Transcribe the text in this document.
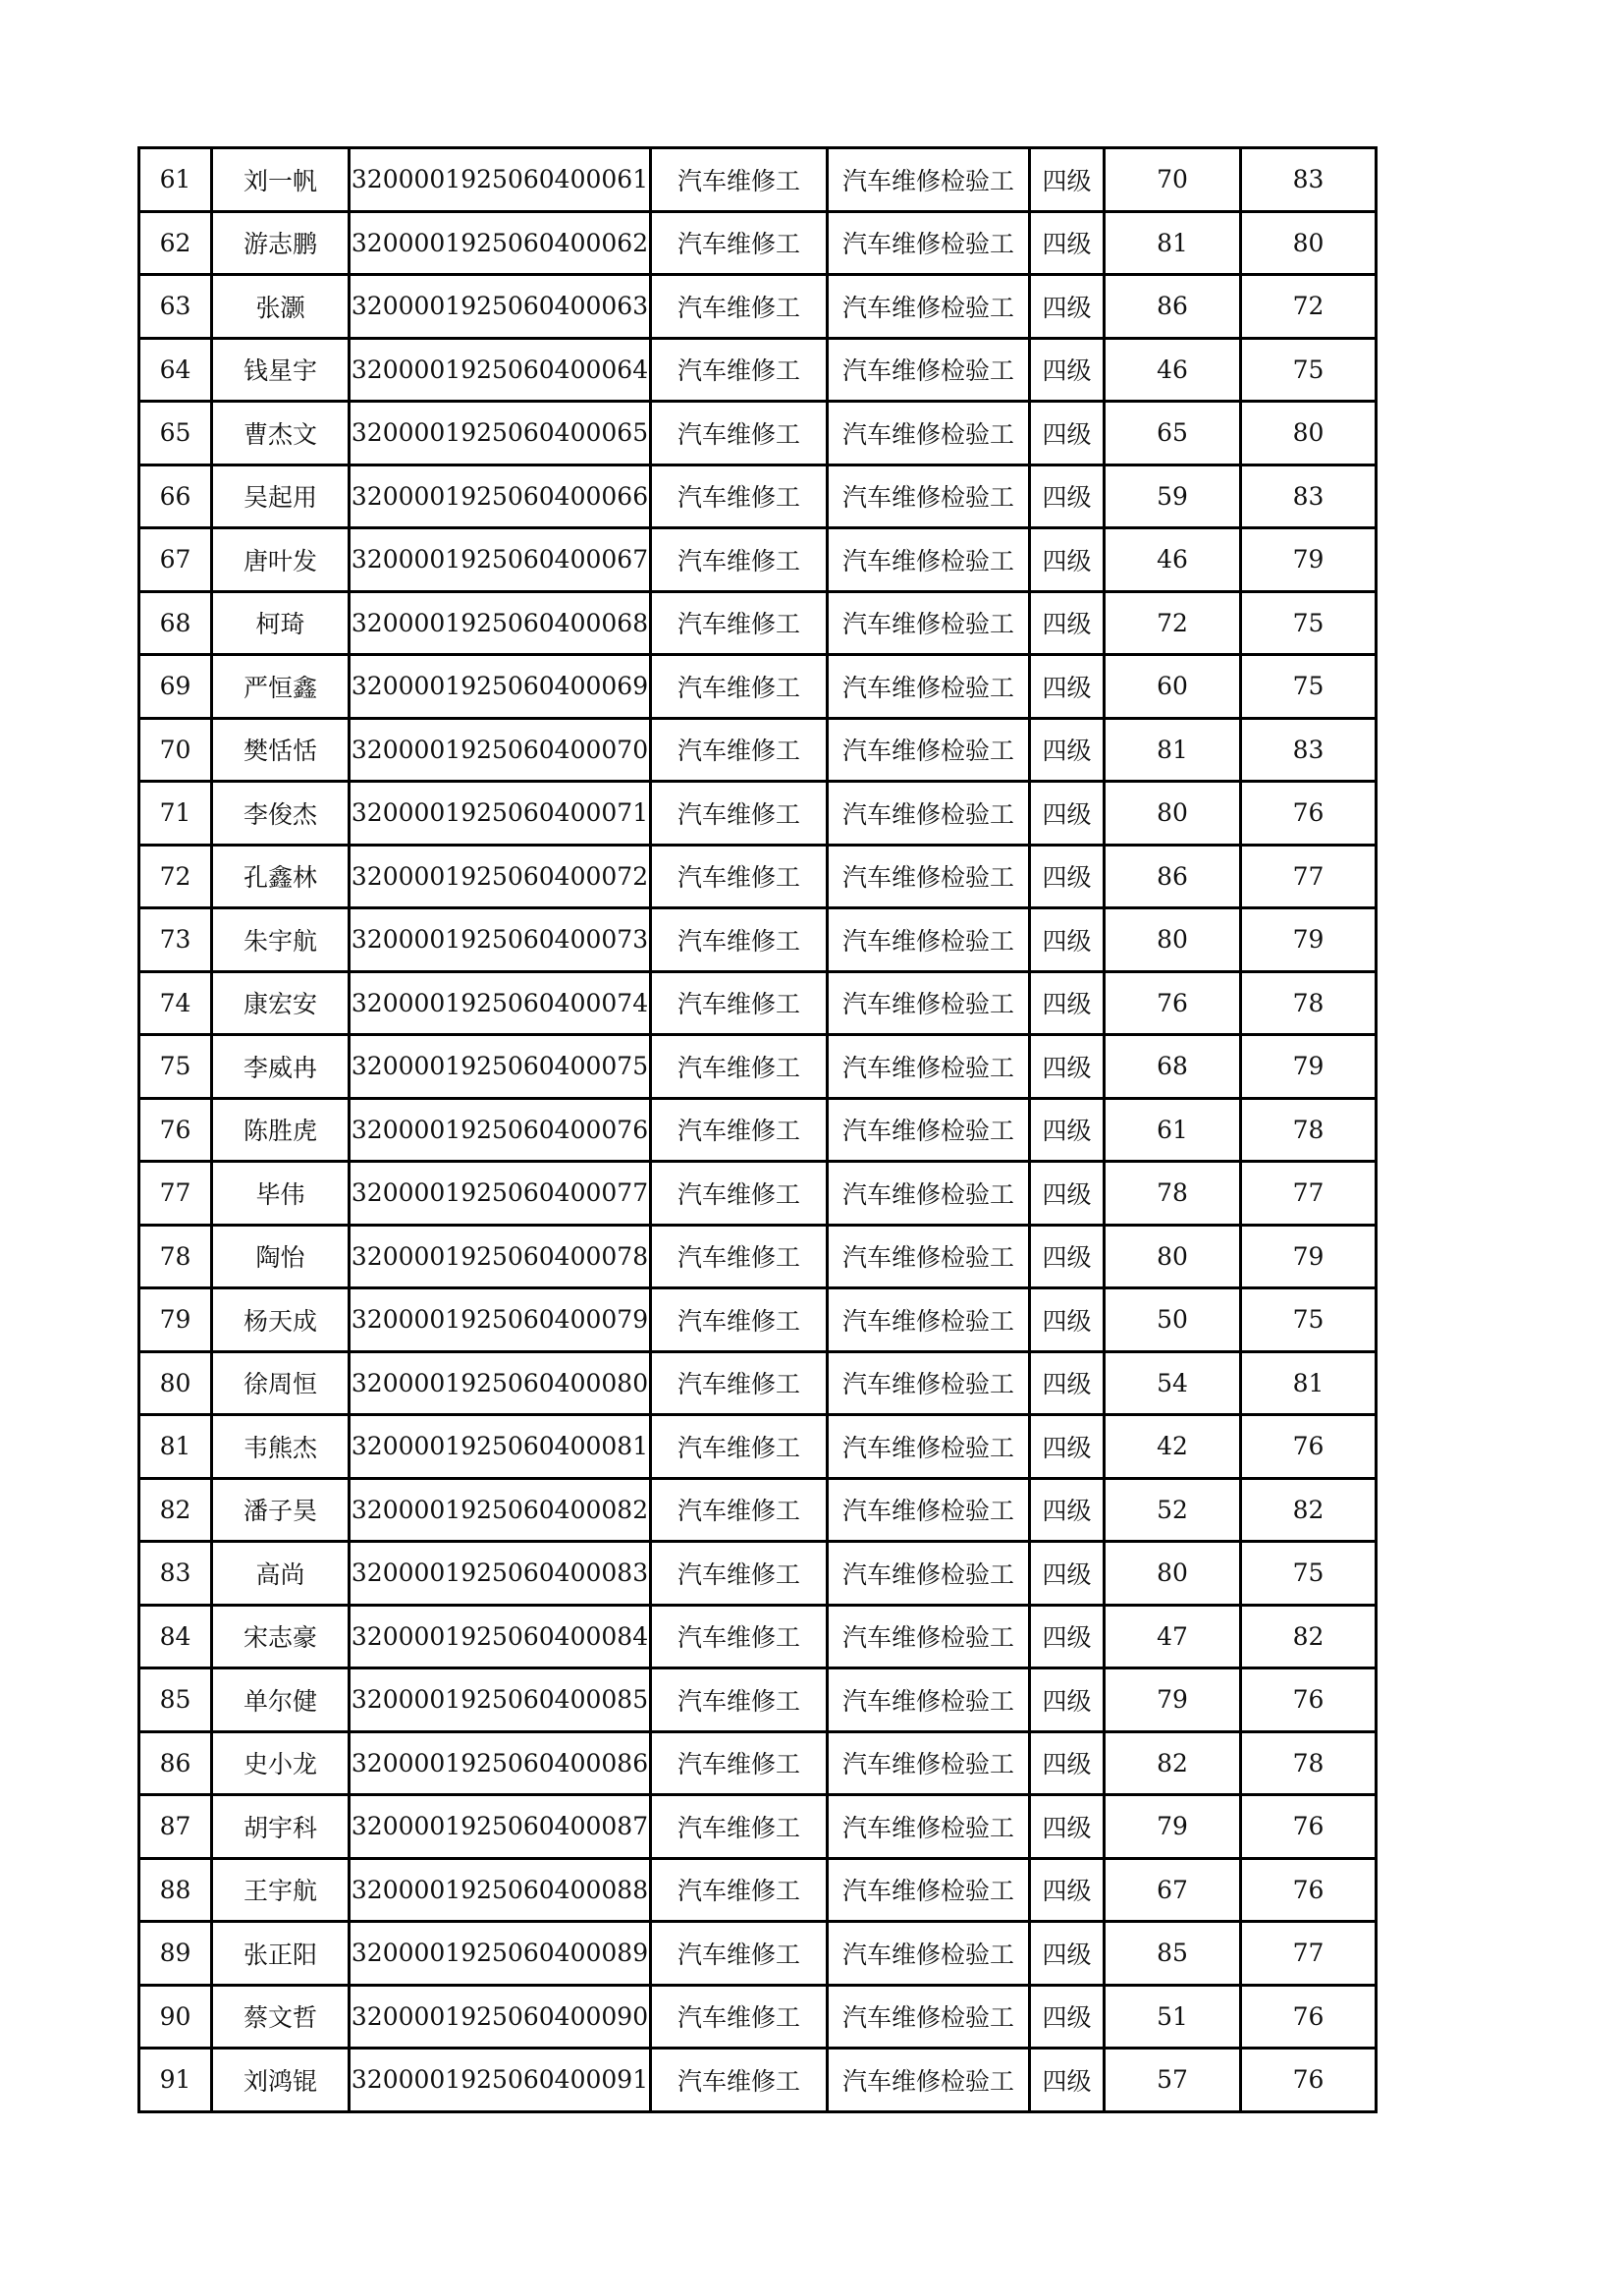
61	刘一帆	3200001925060400061	汽车维修工	汽车维修检验工	四级	70	83
62	游志鹏	3200001925060400062	汽车维修工	汽车维修检验工	四级	81	80
63	张灏	3200001925060400063	汽车维修工	汽车维修检验工	四级	86	72
64	钱星宇	3200001925060400064	汽车维修工	汽车维修检验工	四级	46	75
65	曹杰文	3200001925060400065	汽车维修工	汽车维修检验工	四级	65	80
66	吴起用	3200001925060400066	汽车维修工	汽车维修检验工	四级	59	83
67	唐叶发	3200001925060400067	汽车维修工	汽车维修检验工	四级	46	79
68	柯琦	3200001925060400068	汽车维修工	汽车维修检验工	四级	72	75
69	严恒鑫	3200001925060400069	汽车维修工	汽车维修检验工	四级	60	75
70	樊恬恬	3200001925060400070	汽车维修工	汽车维修检验工	四级	81	83
71	李俊杰	3200001925060400071	汽车维修工	汽车维修检验工	四级	80	76
72	孔鑫林	3200001925060400072	汽车维修工	汽车维修检验工	四级	86	77
73	朱宇航	3200001925060400073	汽车维修工	汽车维修检验工	四级	80	79
74	康宏安	3200001925060400074	汽车维修工	汽车维修检验工	四级	76	78
75	李威冉	3200001925060400075	汽车维修工	汽车维修检验工	四级	68	79
76	陈胜虎	3200001925060400076	汽车维修工	汽车维修检验工	四级	61	78
77	毕伟	3200001925060400077	汽车维修工	汽车维修检验工	四级	78	77
78	陶怡	3200001925060400078	汽车维修工	汽车维修检验工	四级	80	79
79	杨天成	3200001925060400079	汽车维修工	汽车维修检验工	四级	50	75
80	徐周恒	3200001925060400080	汽车维修工	汽车维修检验工	四级	54	81
81	韦熊杰	3200001925060400081	汽车维修工	汽车维修检验工	四级	42	76
82	潘子昊	3200001925060400082	汽车维修工	汽车维修检验工	四级	52	82
83	高尚	3200001925060400083	汽车维修工	汽车维修检验工	四级	80	75
84	宋志豪	3200001925060400084	汽车维修工	汽车维修检验工	四级	47	82
85	单尔健	3200001925060400085	汽车维修工	汽车维修检验工	四级	79	76
86	史小龙	3200001925060400086	汽车维修工	汽车维修检验工	四级	82	78
87	胡宇科	3200001925060400087	汽车维修工	汽车维修检验工	四级	79	76
88	王宇航	3200001925060400088	汽车维修工	汽车维修检验工	四级	67	76
89	张正阳	3200001925060400089	汽车维修工	汽车维修检验工	四级	85	77
90	蔡文哲	3200001925060400090	汽车维修工	汽车维修检验工	四级	51	76
91	刘鸿锟	3200001925060400091	汽车维修工	汽车维修检验工	四级	57	76
